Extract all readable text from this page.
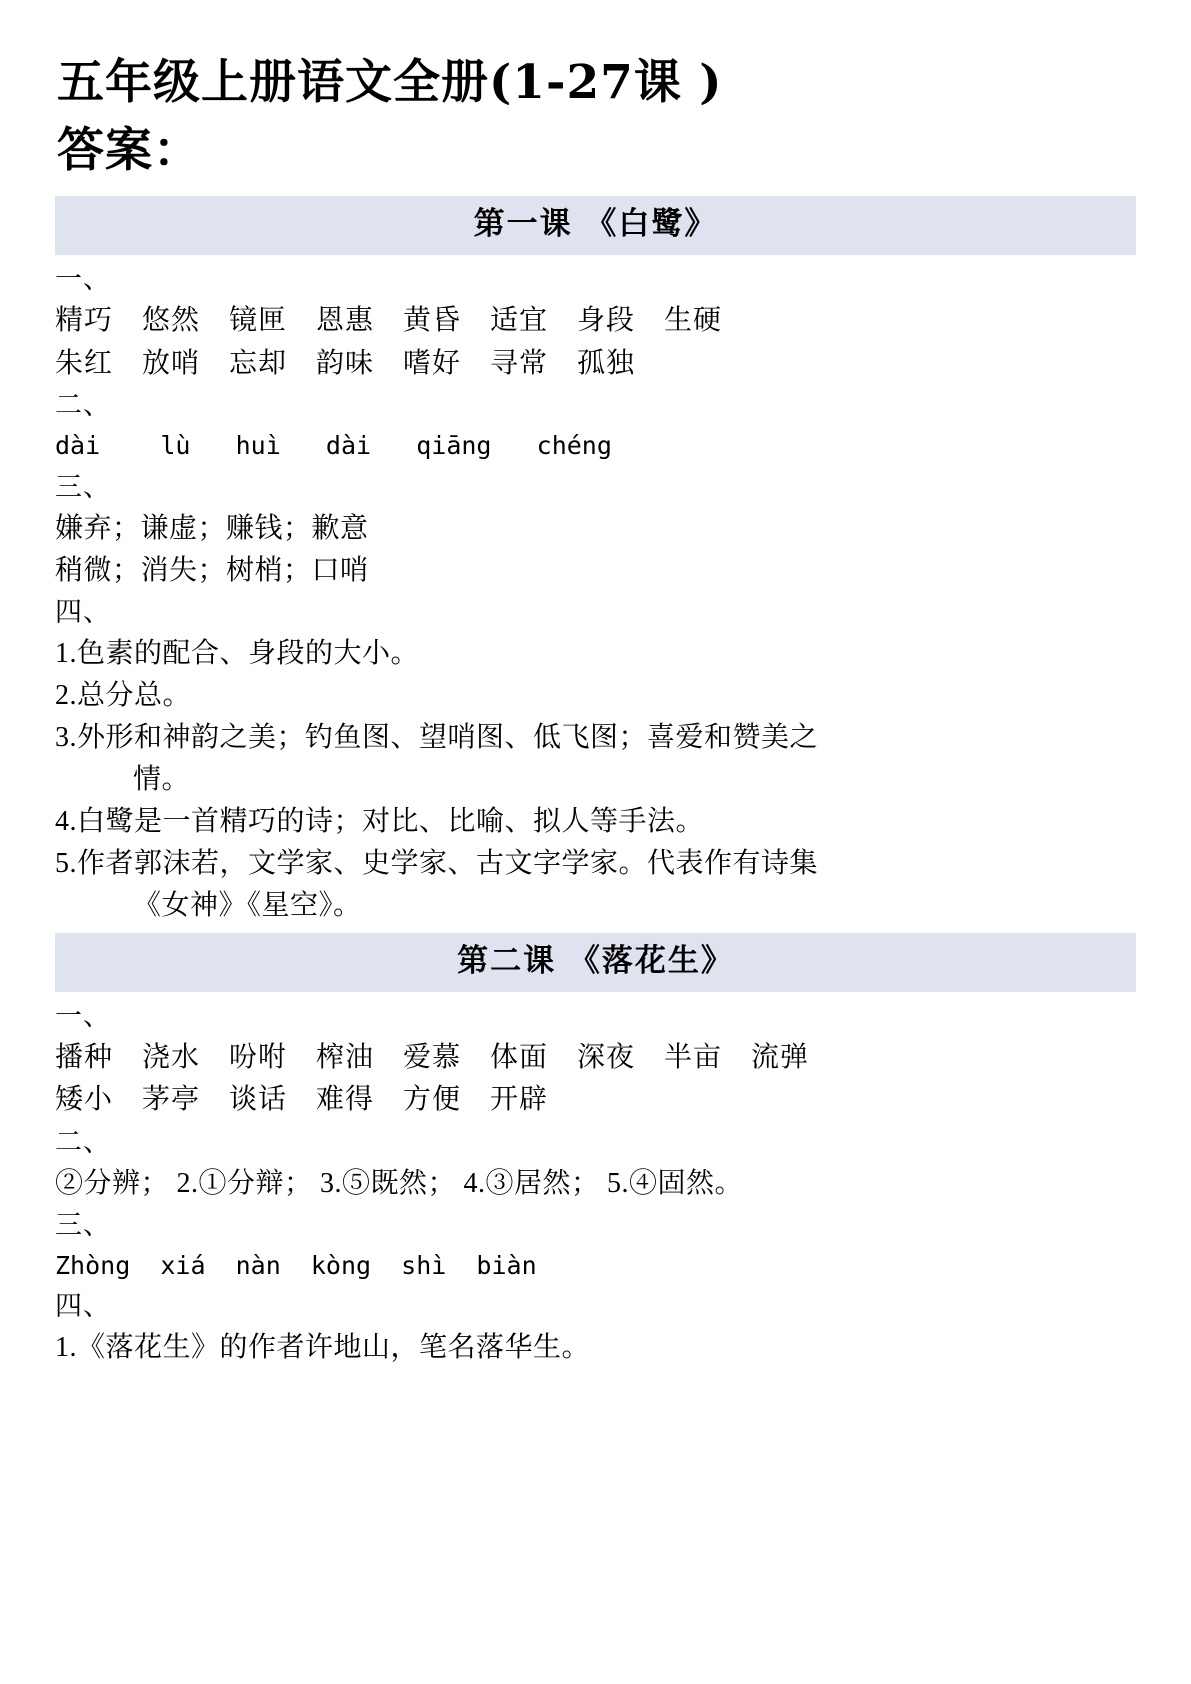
五年级上册语文全册(1-27课 )
答案：
第一课 《白鹭》

一、

精巧　悠然　镜匣　恩惠　黄昏　适宜　身段　生硬

朱红　放哨　忘却　韵味　嗜好　寻常　孤独

二、

dài    lù   huì   dài   qiāng   chéng

三、

嫌弃；谦虚；赚钱；歉意

稍微；消失；树梢；口哨

四、

1.色素的配合、身段的大小。

2.总分总。

3.外形和神韵之美；钓鱼图、望哨图、低飞图；喜爱和赞美之

情。

4.白鹭是一首精巧的诗；对比、比喻、拟人等手法。

5.作者郭沫若，文学家、史学家、古文字学家。代表作有诗集

《女神》《星空》。

第二课 《落花生》

一、

播种　浇水　吩咐　榨油　爱慕　体面　深夜　半亩　流弹

矮小　茅亭　谈话　难得　方便　开辟

二、

②分辨； 2.①分辩； 3.⑤既然； 4.③居然； 5.④固然。

三、

Zhòng  xiá  nàn  kòng  shì  biàn

四、

1.《落花生》的作者许地山，笔名落华生。
